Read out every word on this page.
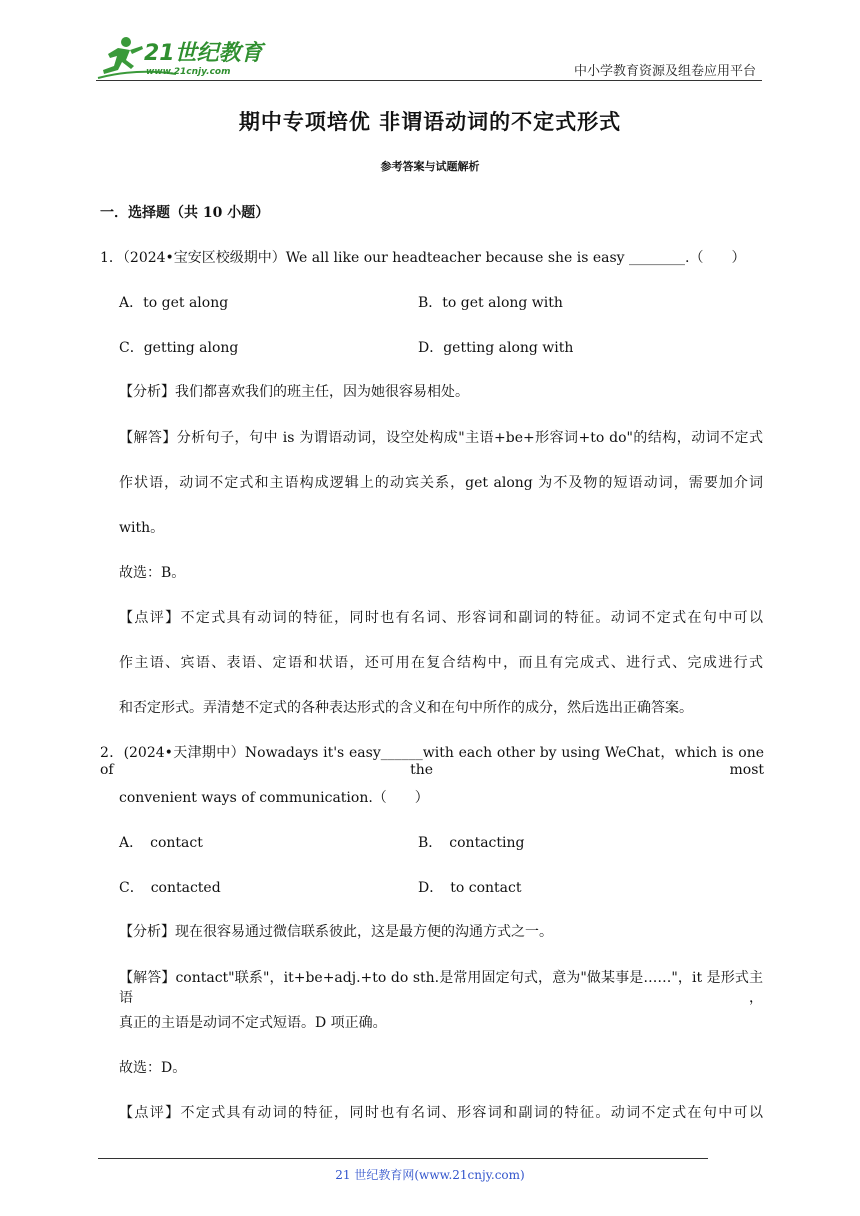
21世纪教育
www.21cnjy.com	中小学教育资源及组卷应用平台
期中专项培优 非谓语动词的不定式形式
参考答案与试题解析
一．选择题（共 10 小题）
1．（2024•宝安区校级期中）We all like our headteacher because she is easy ________.（　　）
A．to get along	B．to get along with
C．getting along	D．getting along with
【分析】我们都喜欢我们的班主任，因为她很容易相处。
【解答】分析句子，句中 is 为谓语动词，设空处构成"主语+be+形容词+to do"的结构，动词不定式
作状语，动词不定式和主语构成逻辑上的动宾关系，get along 为不及物的短语动词，需要加介词
with。
故选：B。
【点评】不定式具有动词的特征，同时也有名词、形容词和副词的特征。动词不定式在句中可以
作主语、宾语、表语、定语和状语，还可用在复合结构中，而且有完成式、进行式、完成进行式
和否定形式。弄清楚不定式的各种表达形式的含义和在句中所作的成分，然后选出正确答案。
2．(2024•天津期中）Nowadays it's easy______with each other by using WeChat，which is one of the most
convenient ways of communication.（　　）
A．　contact	B．　contacting
C．　contacted	D．　to contact
【分析】现在很容易通过微信联系彼此，这是最方便的沟通方式之一。
【解答】contact"联系"，it+be+adj.+to do sth.是常用固定句式，意为"做某事是……"，it 是形式主语，
真正的主语是动词不定式短语。D 项正确。
故选：D。
【点评】不定式具有动词的特征，同时也有名词、形容词和副词的特征。动词不定式在句中可以
21 世纪教育网(www.21cnjy.com)
